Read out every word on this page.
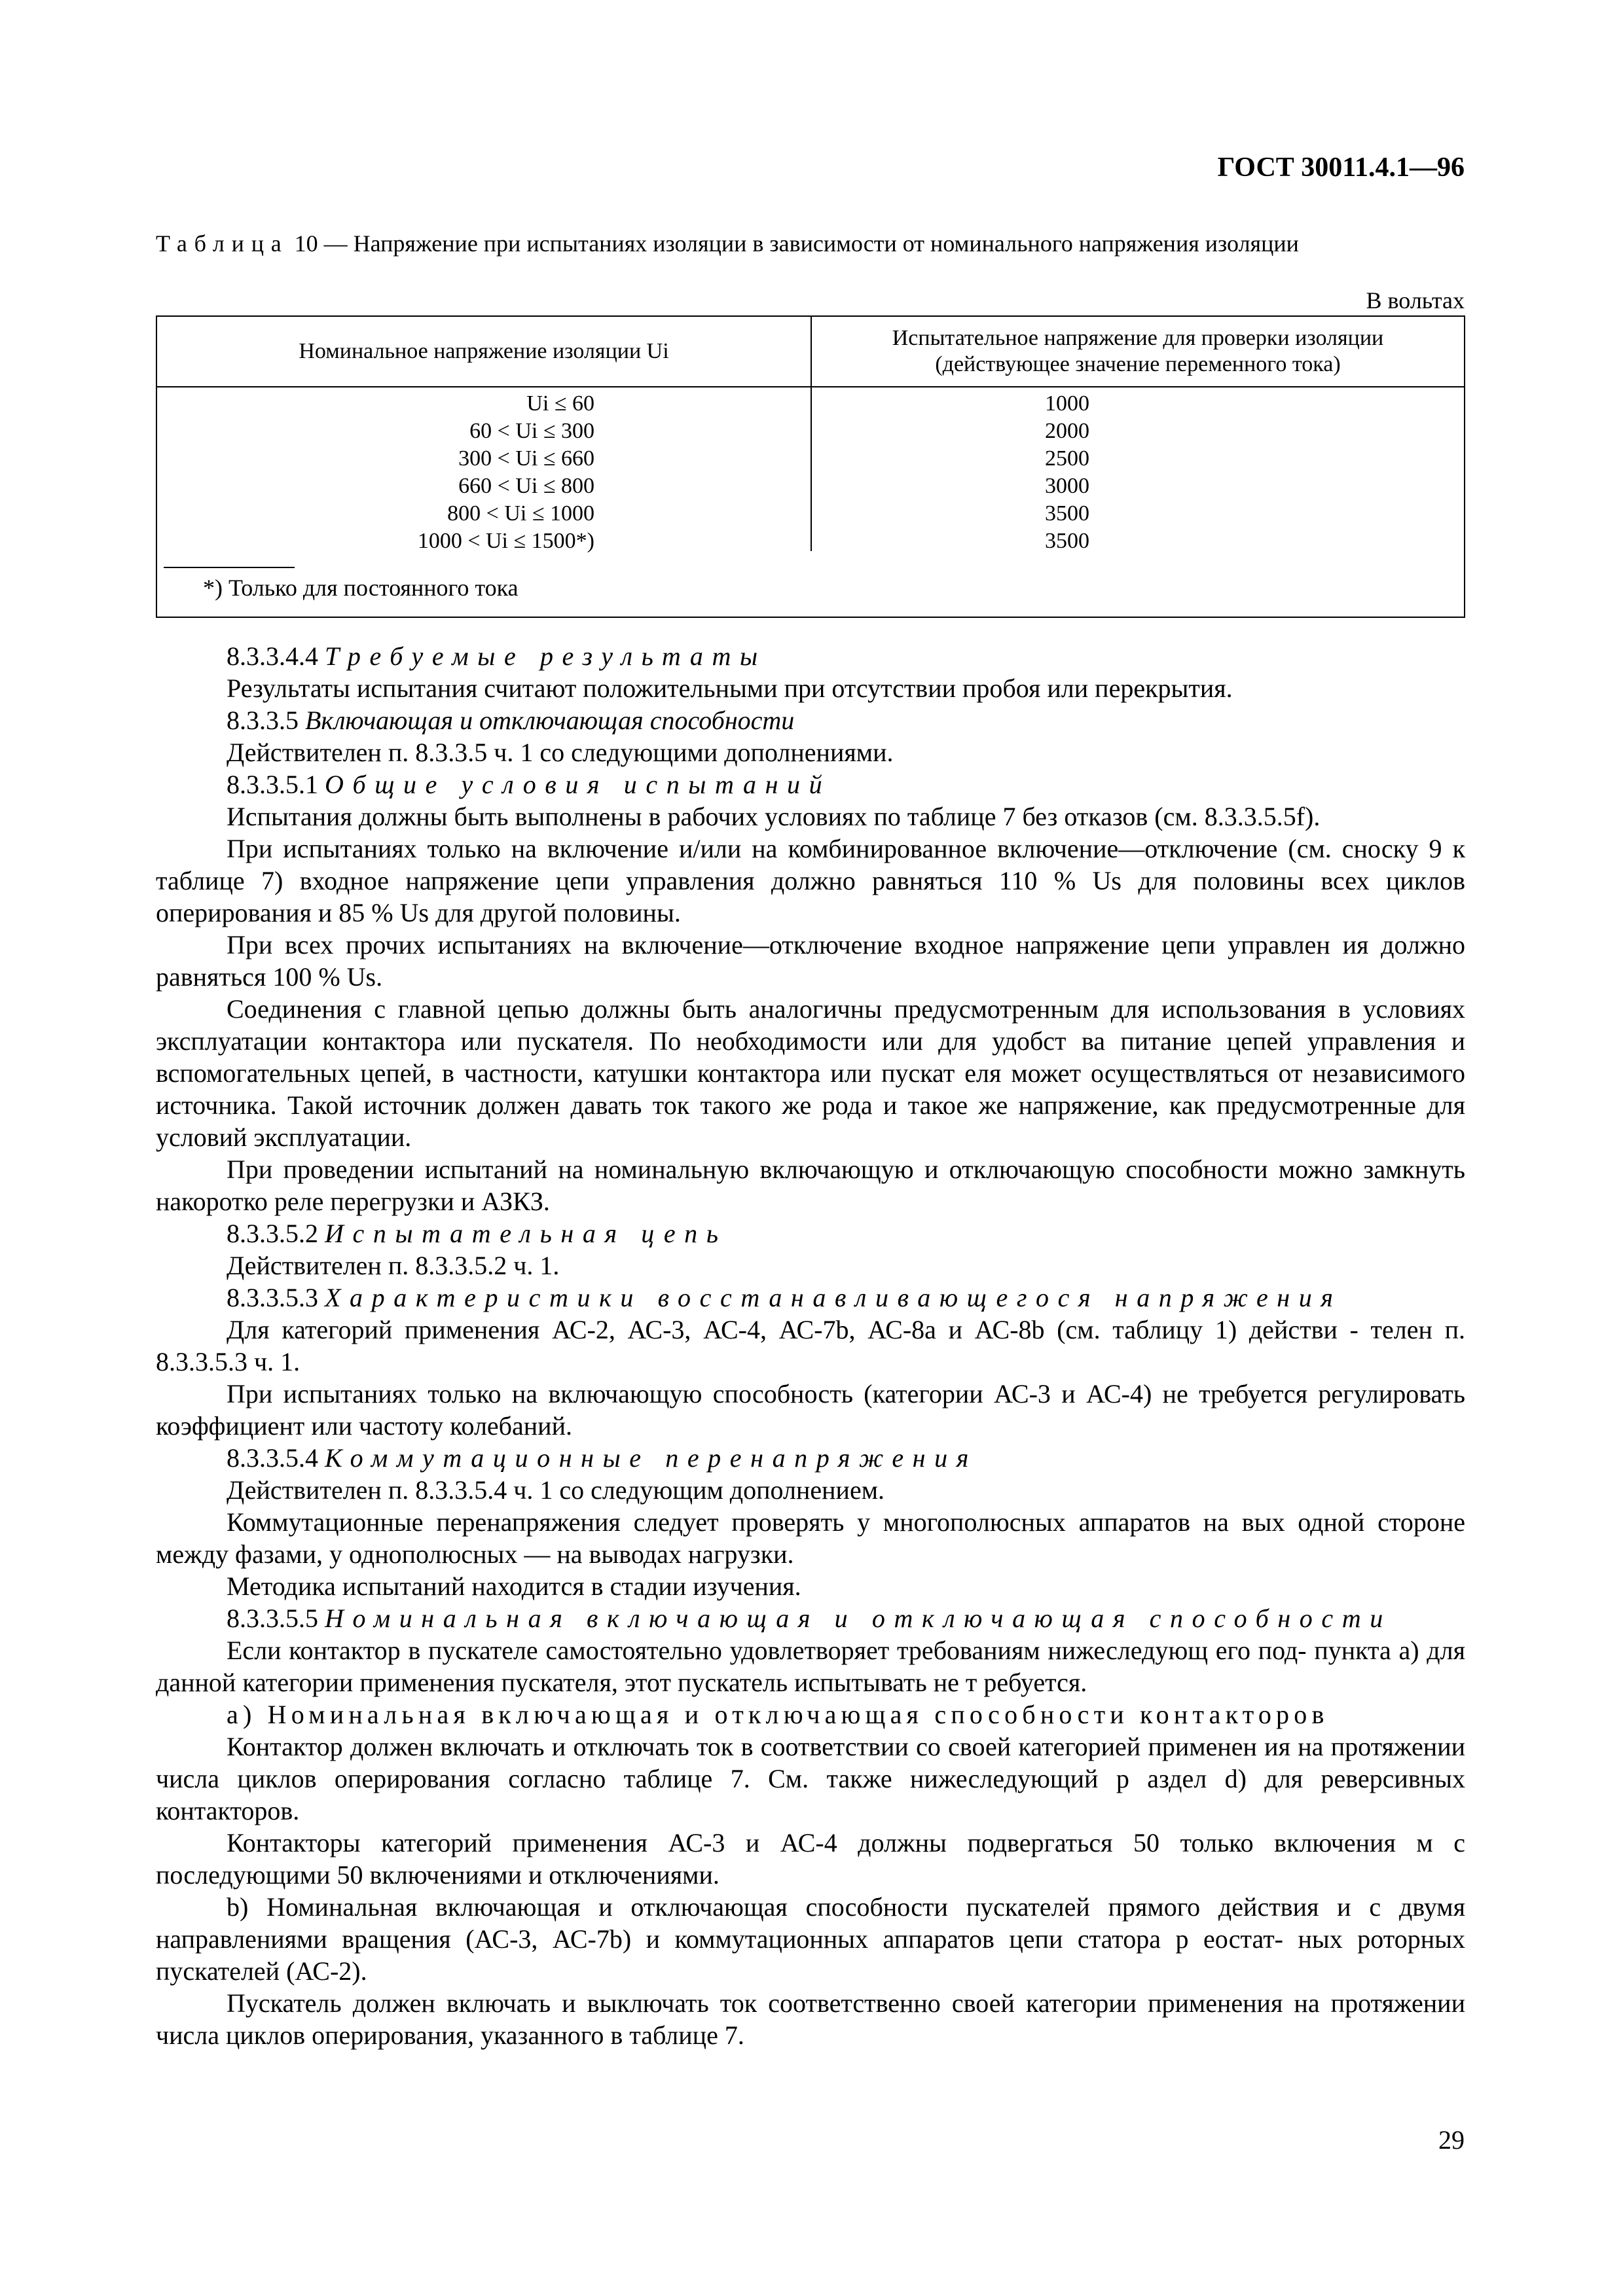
ГОСТ 30011.4.1—96
Таблица 10 — Напряжение при испытаниях изоляции в зависимости от номинального напряжения изоляции
В вольтах
Номинальное напряжение изоляции Ui
Испытательное напряжение для проверки изоляции (действующее значение переменного тока)
Ui ≤ 60
60 < Ui ≤ 300
300 < Ui ≤ 660
660 < Ui ≤ 800
800 < Ui ≤ 1000
1000 < Ui ≤ 1500*)
1000
2000
2500
3000
3500
3500
*) Только для постоянного тока

8.3.3.4.4 Требуемые результаты

Результаты испытания считают положительными при отсутствии пробоя или перекрытия.

8.3.3.5 Включающая и отключающая способности

Действителен п. 8.3.3.5 ч. 1 со следующими дополнениями.

8.3.3.5.1 Общие условия испытаний

Испытания должны быть выполнены в рабочих условиях по таблице 7 без отказов (см. 8.3.3.5.5f).

При испытаниях только на включение и/или на комбинированное включение—отключение (см. сноску 9 к таблице 7) входное напряжение цепи управления должно равняться 110 % Us для половины всех циклов оперирования и 85 % Us для другой половины.

При всех прочих испытаниях на включение—отключение входное напряжение цепи управлен ия должно равняться 100 % Us.

Соединения с главной цепью должны быть аналогичны предусмотренным для использования в условиях эксплуатации контактора или пускателя. По необходимости или для удобст ва питание цепей управления и вспомогательных цепей, в частности, катушки контактора или пускат еля может осуществляться от независимого источника. Такой источник должен давать ток такого же рода и такое же напряжение, как предусмотренные для условий эксплуатации.

При проведении испытаний на номинальную включающую и отключающую способности можно замкнуть накоротко реле перегрузки и АЗКЗ.

8.3.3.5.2 Испытательная цепь

Действителен п. 8.3.3.5.2 ч. 1.

8.3.3.5.3 Характеристики восстанавливающегося напряжения

Для категорий применения АС-2, АС-3, АС-4, АС-7b, АС-8a и АС-8b (см. таблицу 1) действи - телен п. 8.3.3.5.3 ч. 1.

При испытаниях только на включающую способность (категории АС-3 и АС-4) не требуется регулировать коэффициент или частоту колебаний.

8.3.3.5.4 Коммутационные перенапряжения

Действителен п. 8.3.3.5.4 ч. 1 со следующим дополнением.

Коммутационные перенапряжения следует проверять у многополюсных аппаратов на вых одной стороне между фазами, у однополюсных — на выводах нагрузки.

Методика испытаний находится в стадии изучения.

8.3.3.5.5 Номинальная включающая и отключающая способности

Если контактор в пускателе самостоятельно удовлетворяет требованиям нижеследующ его под- пункта а) для данной категории применения пускателя, этот пускатель испытывать не т ребуется.

а) Номинальная включающая и отключающая способности контакторов

Контактор должен включать и отключать ток в соответствии со своей категорией применен ия на протяжении числа циклов оперирования согласно таблице 7. См. также нижеследующий р аздел d) для реверсивных контакторов.

Контакторы категорий применения АС-3 и АС-4 должны подвергаться 50 только включения м с последующими 50 включениями и отключениями.

b) Номинальная включающая и отключающая способности пускателей прямого действия и с двумя направлениями вращения (АС-3, АС-7b) и коммутационных аппаратов цепи статора р еостат- ных роторных пускателей (АС-2).

Пускатель должен включать и выключать ток соответственно своей категории применения на протяжении числа циклов оперирования, указанного в таблице 7.

29
